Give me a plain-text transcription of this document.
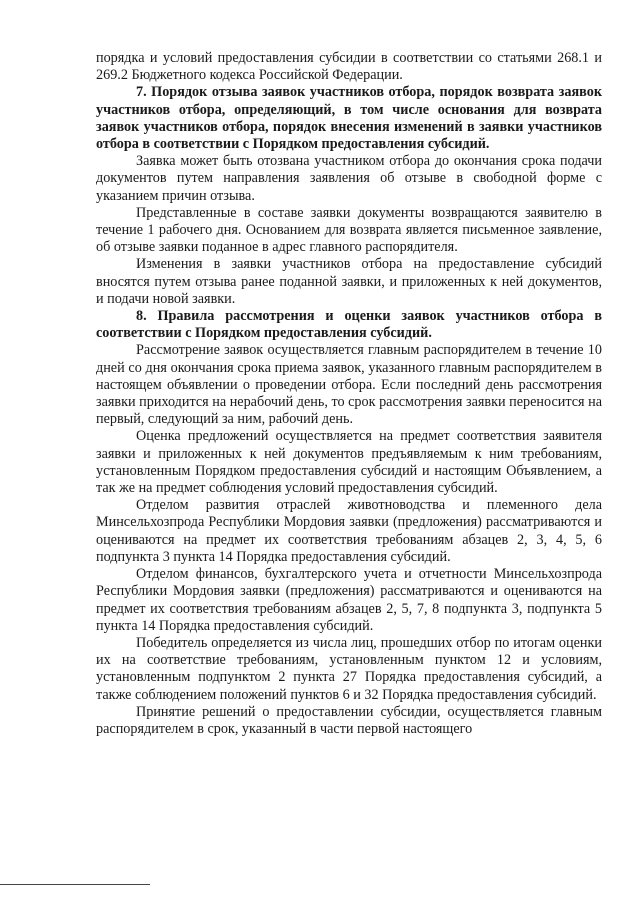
порядка и условий предоставления субсидии в соответствии со статьями 268.1 и 269.2 Бюджетного кодекса Российской Федерации.

7. Порядок отзыва заявок участников отбора, порядок возврата заявок участников отбора, определяющий, в том числе основания для возврата заявок участников отбора, порядок внесения изменений в заявки участников отбора в соответствии с Порядком предоставления субсидий.

Заявка может быть отозвана участником отбора до окончания срока подачи документов путем направления заявления об отзыве в свободной форме с указанием причин отзыва.

Представленные в составе заявки документы возвращаются заявителю в течение 1 рабочего дня. Основанием для возврата является письменное заявление, об отзыве заявки поданное в адрес главного распорядителя.

Изменения в заявки участников отбора на предоставление субсидий вносятся путем отзыва ранее поданной заявки, и приложенных к ней документов, и подачи новой заявки.

8. Правила рассмотрения и оценки заявок участников отбора в соответствии с Порядком предоставления субсидий.

Рассмотрение заявок осуществляется главным распорядителем в течение 10 дней со дня окончания срока приема заявок, указанного главным распорядителем в настоящем объявлении о проведении отбора. Если последний день рассмотрения заявки приходится на нерабочий день, то срок рассмотрения заявки переносится на первый, следующий за ним, рабочий день.

Оценка предложений осуществляется на предмет соответствия заявителя заявки и приложенных к ней документов предъявляемым к ним требованиям, установленным Порядком предоставления субсидий и настоящим Объявлением, а так же на предмет соблюдения условий предоставления субсидий.

Отделом развития отраслей животноводства и племенного дела Минсельхозпрода Республики Мордовия заявки (предложения) рассматриваются и оцениваются на предмет их соответствия требованиям абзацев 2, 3, 4, 5, 6 подпункта 3 пункта 14 Порядка предоставления субсидий.

Отделом финансов, бухгалтерского учета и отчетности Минсельхозпрода Республики Мордовия заявки (предложения) рассматриваются и оцениваются на предмет их соответствия требованиям абзацев 2, 5, 7, 8 подпункта 3, подпункта 5 пункта 14 Порядка предоставления субсидий.

Победитель определяется из числа лиц, прошедших отбор по итогам оценки их на соответствие требованиям, установленным пунктом 12 и условиям, установленным подпунктом 2 пункта 27 Порядка предоставления субсидий, а также соблюдением положений пунктов 6 и 32 Порядка предоставления субсидий.

Принятие решений о предоставлении субсидии, осуществляется главным распорядителем в срок, указанный в части первой настоящего
